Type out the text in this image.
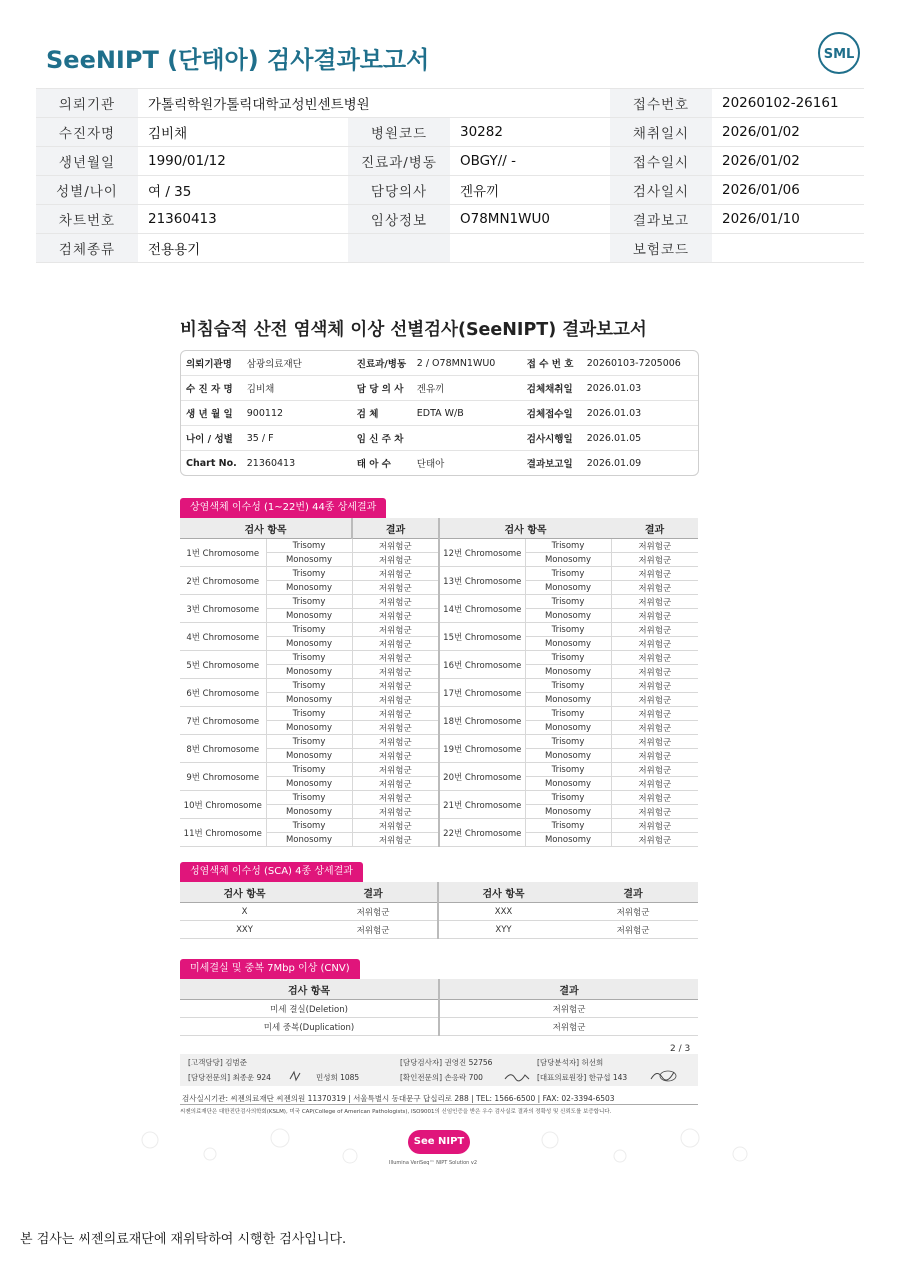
SeeNIPT (단태아) 검사결과보고서	SML
의뢰기관	가톨릭학원가톨릭대학교성빈센트병원			접수번호	20260102-26161
수진자명	김비채	병원코드	30282	채취일시	2026/01/02
생년월일	1990/01/12	진료과/병동	OBGY// -	접수일시	2026/01/02
성별/나이	여 / 35	담당의사	겐유끼	검사일시	2026/01/06
차트번호	21360413	임상정보	O78MN1WU0	결과보고	2026/01/10
검체종류	전용용기			보험코드	
비침습적 산전 염색체 이상 선별검사(SeeNIPT) 결과보고서
의뢰기관명	삼광의료재단	진료과/병동	2 / O78MN1WU0	접 수 번 호	20260103-7205006
수 진 자 명	김비채	담 당 의 사	겐유끼	검체채취일	2026.01.03
생 년 월 일	900112	검 체	EDTA W/B	검체접수일	2026.01.03
나이 / 성별	35 / F	임 신 주 차		검사시행일	2026.01.05
Chart No.	21360413	태 아 수	단태아	결과보고일	2026.01.09
상염색체 이수성 (1~22번) 44종 상세결과
검사 항목		결과	검사 항목		결과
1번 Chromosome	Trisomy	저위험군	12번 Chromosome	Trisomy	저위험군
	Monosomy	저위험군		Monosomy	저위험군
2번 Chromosome	Trisomy	저위험군	13번 Chromosome	Trisomy	저위험군
	Monosomy	저위험군		Monosomy	저위험군
3번 Chromosome	Trisomy	저위험군	14번 Chromosome	Trisomy	저위험군
	Monosomy	저위험군		Monosomy	저위험군
4번 Chromosome	Trisomy	저위험군	15번 Chromosome	Trisomy	저위험군
	Monosomy	저위험군		Monosomy	저위험군
5번 Chromosome	Trisomy	저위험군	16번 Chromosome	Trisomy	저위험군
	Monosomy	저위험군		Monosomy	저위험군
6번 Chromosome	Trisomy	저위험군	17번 Chromosome	Trisomy	저위험군
	Monosomy	저위험군		Monosomy	저위험군
7번 Chromosome	Trisomy	저위험군	18번 Chromosome	Trisomy	저위험군
	Monosomy	저위험군		Monosomy	저위험군
8번 Chromosome	Trisomy	저위험군	19번 Chromosome	Trisomy	저위험군
	Monosomy	저위험군		Monosomy	저위험군
9번 Chromosome	Trisomy	저위험군	20번 Chromosome	Trisomy	저위험군
	Monosomy	저위험군		Monosomy	저위험군
10번 Chromosome	Trisomy	저위험군	21번 Chromosome	Trisomy	저위험군
	Monosomy	저위험군		Monosomy	저위험군
11번 Chromosome	Trisomy	저위험군	22번 Chromosome	Trisomy	저위험군
	Monosomy	저위험군		Monosomy	저위험군
성염색체 이수성 (SCA) 4종 상세결과
검사 항목	결과	검사 항목	결과
X	저위험군	XXX	저위험군
XXY	저위험군	XYY	저위험군
미세결실 및 중복 7Mbp 이상 (CNV)
검사 항목	결과
미세 결실(Deletion)	저위험군
미세 중복(Duplication)	저위험군
2 / 3
[고객담당] 김범준	[담당검사자] 권영진 52756	[담당분석자] 허선희
[담당전문의] 최종운 924	민성희 1085	[확인전문의] 손응락 700	[대표의료원장] 한규섭 143
검사실시기관: 씨젠의료재단 씨젠의원 11370319 | 서울특별시 동대문구 답십리로 288 | TEL: 1566-6500 | FAX: 02-3394-6503
씨젠의료재단은 대한진단검사의학회(KSLM), 미국 CAP(College of American Pathologists), ISO9001의 신임인증을 받은 우수 검사실로 결과의 정확성 및 신뢰도를 보증합니다.
See NIPT
Illumina VeriSeq™ NIPT Solution v2
본 검사는 씨젠의료재단에 재위탁하여 시행한 검사입니다.
